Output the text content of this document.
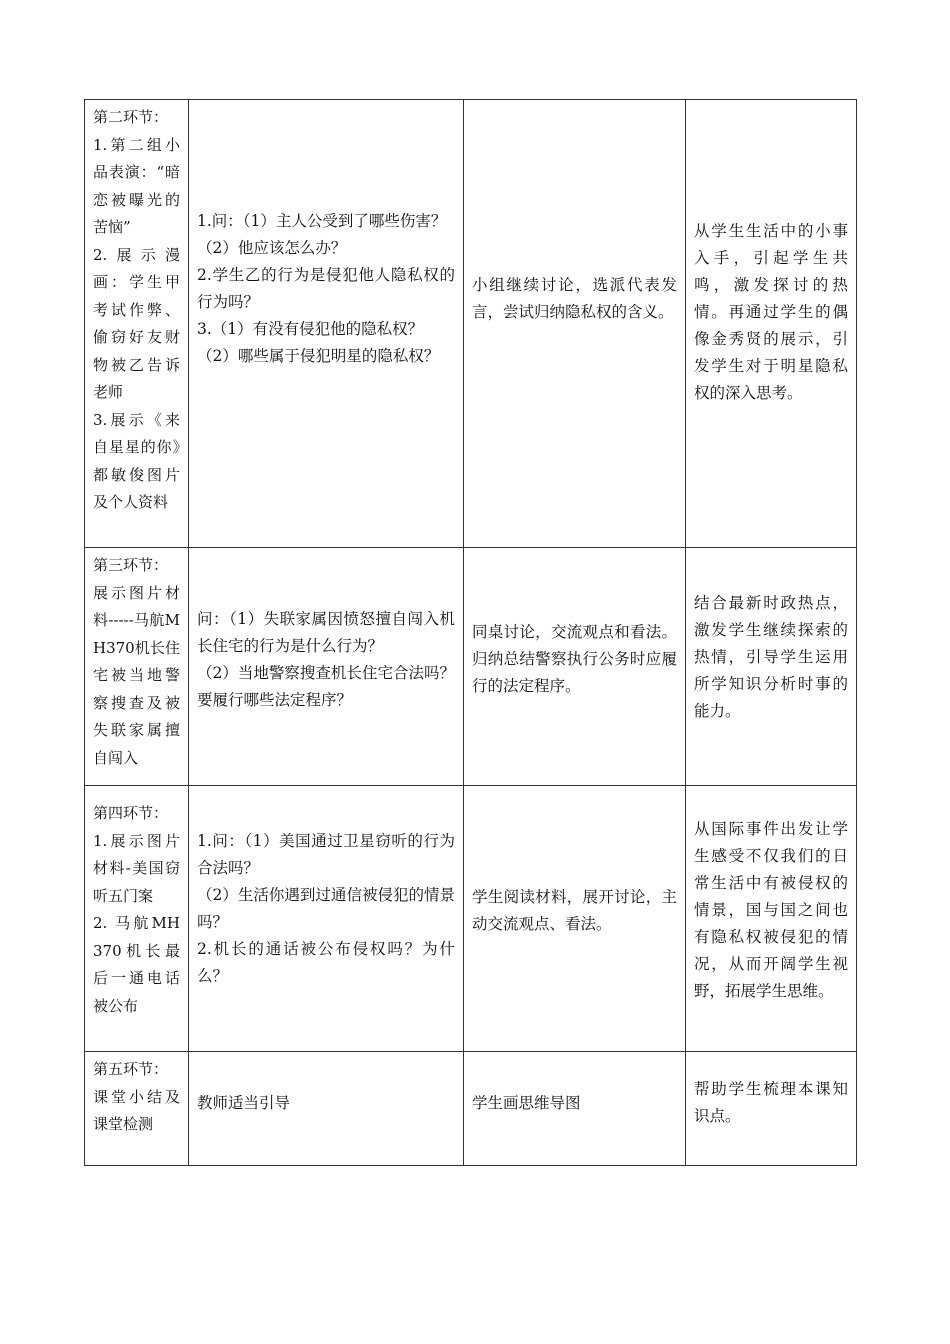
第二环节：
1.第二组小品表演：“暗恋被曝光的苦恼”
2.展示漫画：学生甲考试作弊、偷窃好友财物被乙告诉老师
3.展示《来自星星的你》都敏俊图片及个人资料	1.问：（1）主人公受到了哪些伤害？
（2）他应该怎么办？
2.学生乙的行为是侵犯他人隐私权的行为吗？
3.（1）有没有侵犯他的隐私权？
（2）哪些属于侵犯明星的隐私权？	小组继续讨论，选派代表发言，尝试归纳隐私权的含义。	从学生生活中的小事入手，引起学生共鸣，激发探讨的热情。再通过学生的偶像金秀贤的展示，引发学生对于明星隐私权的深入思考。

第三环节：
展示图片材料-----马航MH370机长住宅被当地警察搜查及被失联家属擅自闯入	问：（1）失联家属因愤怒擅自闯入机长住宅的行为是什么行为？
（2）当地警察搜查机长住宅合法吗？要履行哪些法定程序？	同桌讨论，交流观点和看法。归纳总结警察执行公务时应履行的法定程序。	结合最新时政热点，激发学生继续探索的热情，引导学生运用所学知识分析时事的能力。

第四环节：
1.展示图片材料-美国窃听五门案
2. 马航MH370机长最后一通电话被公布	1.问：（1）美国通过卫星窃听的行为合法吗？
（2）生活你遇到过通信被侵犯的情景吗？
2.机长的通话被公布侵权吗？为什么？	学生阅读材料，展开讨论，主动交流观点、看法。	从国际事件出发让学生感受不仅我们的日常生活中有被侵权的情景，国与国之间也有隐私权被侵犯的情况，从而开阔学生视野，拓展学生思维。

第五环节：
课堂小结及课堂检测	教师适当引导	学生画思维导图	帮助学生梳理本课知识点。
